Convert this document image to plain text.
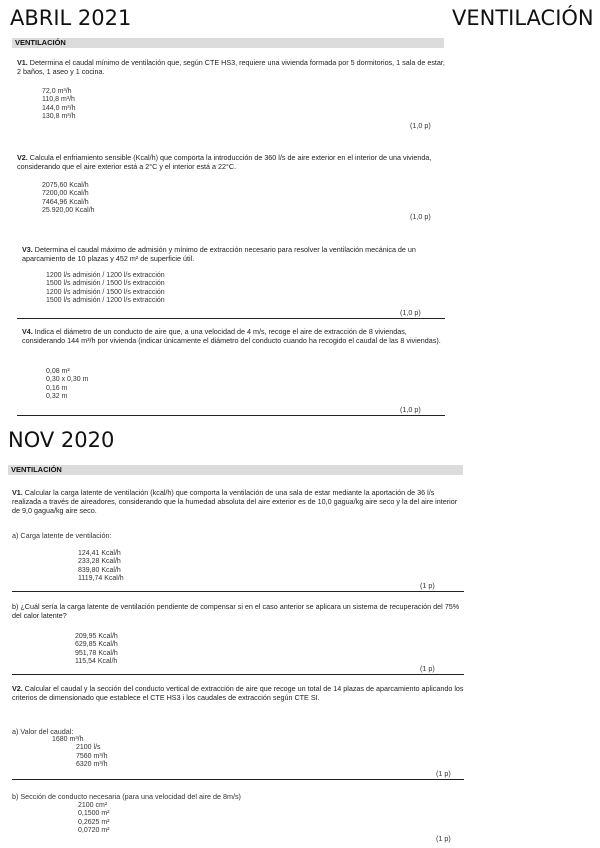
ABRIL 2021	VENTILACIÓN
VENTILACIÓN
V1. Determina el caudal mínimo de ventilación que, según CTE HS3, requiere una vivienda formada por 5 dormitorios, 1 sala de estar, 2 baños, 1 aseo y 1 cocina.
72,0 m³/h
110,8 m³/h
144,0 m³/h
130,8 m³/h
(1,0 p)
V2. Calcula el enfriamiento sensible (Kcal/h) que comporta la introducción de 360 l/s de aire exterior en el interior de una vivienda, considerando que el aire exterior está a 2°C y el interior está a 22°C.
2075,60 Kcal/h
7200,00 Kcal/h
7464,96 Kcal/h
25.920,00 Kcal/h
(1,0 p)
V3. Determina el caudal máximo de admisión y mínimo de extracción necesario para resolver la ventilación mecánica de un aparcamiento de 10 plazas y 452 m² de superficie útil.
1200 l/s admisión / 1200 l/s extracción
1500 l/s admisión / 1500 l/s extracción
1200 l/s admisión / 1500 l/s extracción
1500 l/s admisión / 1200 l/s extracción
(1,0 p)
V4. Indica el diámetro de un conducto de aire que, a una velocidad de 4 m/s, recoge el aire de extracción de 8 viviendas, considerando 144 m³/h por vivienda (indicar únicamente el diámetro del conducto cuando ha recogido el caudal de las 8 viviendas).
0,08 m²
0,30 x 0,30 m
0,16 m
0,32 m
(1,0 p)
NOV 2020
VENTILACIÓN
V1. Calcular la carga latente de ventilación (kcal/h) que comporta la ventilación de una sala de estar mediante la aportación de 36 l/s realizada a través de aireadores, considerando que la humedad absoluta del aire exterior es de 10,0 gagua/kg aire seco y la del aire interior de 9,0 gagua/kg aire seco.
a) Carga latente de ventilación:
124,41 Kcal/h
233,28 Kcal/h
839,80 Kcal/h
1119,74 Kcal/h
(1 p)
b) ¿Cuál sería la carga latente de ventilación pendiente de compensar si en el caso anterior se aplicara un sistema de recuperación del 75% del calor latente?
209,95 Kcal/h
629,85 Kcal/h
951,78 Kcal/h
115,54 Kcal/h
(1 p)
V2. Calcular el caudal y la sección del conducto vertical de extracción de aire que recoge un total de 14 plazas de aparcamiento aplicando los criterios de dimensionado que establece el CTE HS3 i los caudales de extracción según CTE SI.
a) Valor del caudal:
1680 m³/h
2100 l/s
7560 m³/h
6320 m³/h
(1 p)
b) Sección de conducto necesaria (para una velocidad del aire de 8m/s)
2100 cm²
0,1500 m²
0,2625 m²
0,0720 m²
(1 p)
